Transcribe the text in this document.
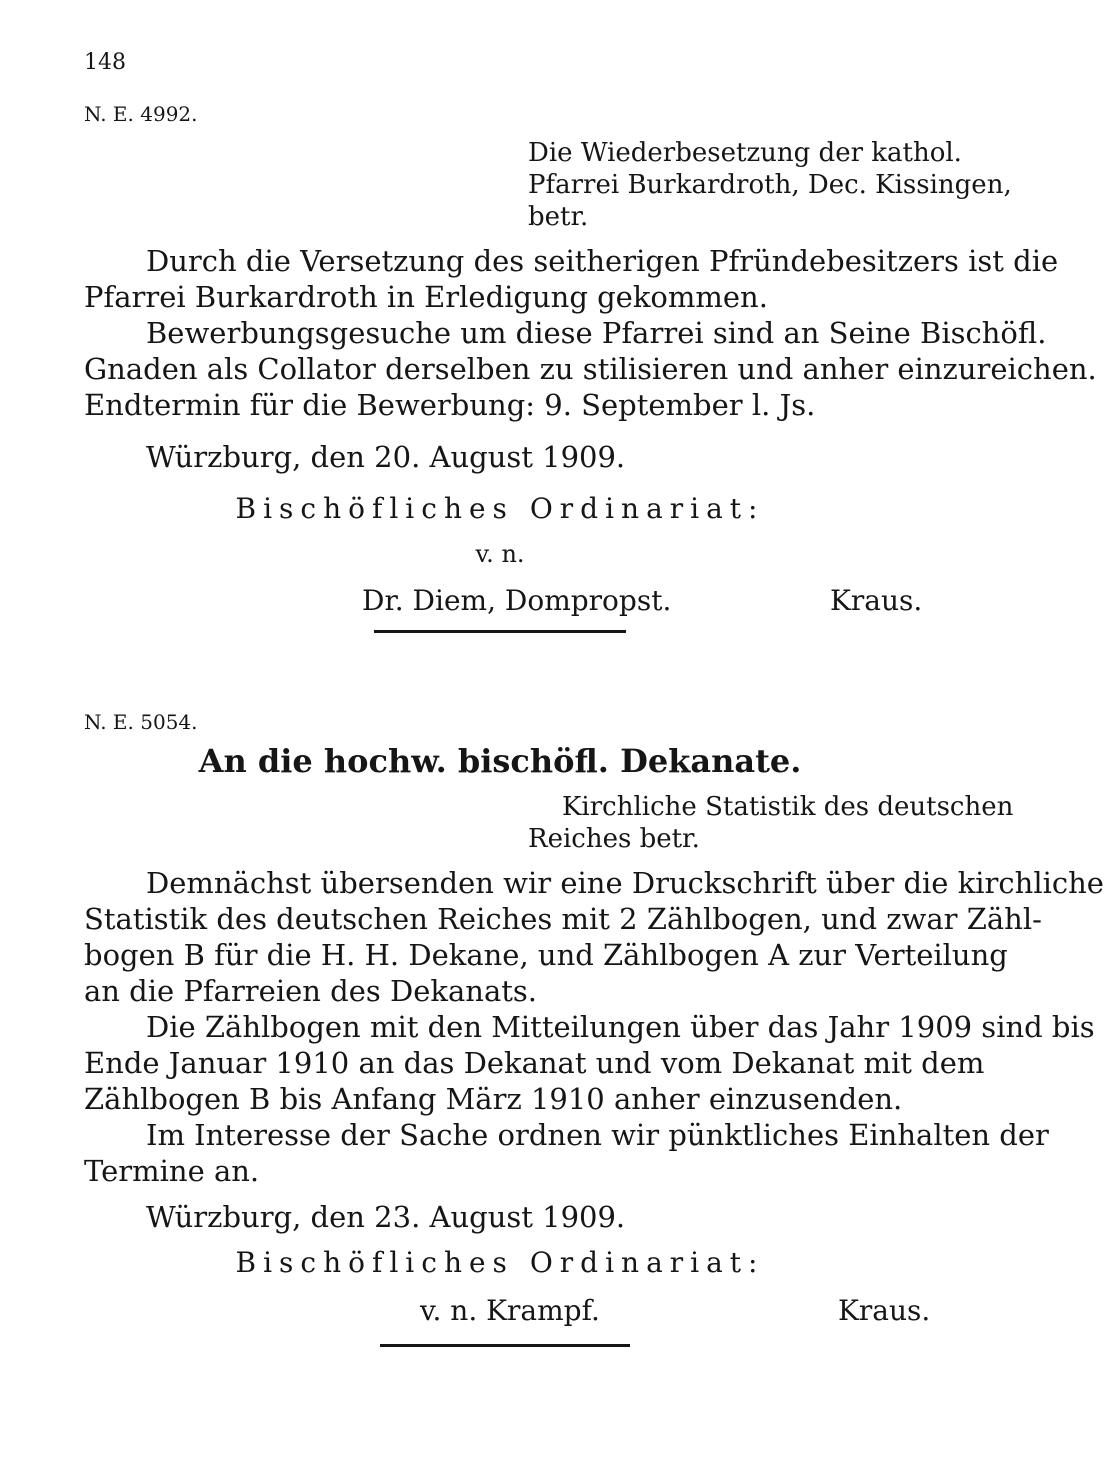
148
N. E. 4992.
Die Wiederbesetzung der kathol.
Pfarrei Burkardroth, Dec. Kissingen,
betr.
Durch die Versetzung des seitherigen Pfründebesitzers ist die
Pfarrei Burkardroth in Erledigung gekommen.
Bewerbungsgesuche um diese Pfarrei sind an Seine Bischöfl.
Gnaden als Collator derselben zu stilisieren und anher einzureichen.
Endtermin für die Bewerbung: 9. September l. Js.
Würzburg, den 20. August 1909.
Bischöfliches Ordinariat:
v. n.
Dr. Diem, Dompropst.	Kraus.
N. E. 5054.
An die hochw. bischöfl. Dekanate.
Kirchliche Statistik des deutschen
Reiches betr.
Demnächst übersenden wir eine Druckschrift über die kirchliche
Statistik des deutschen Reiches mit 2 Zählbogen, und zwar Zähl-
bogen B für die H. H. Dekane, und Zählbogen A zur Verteilung
an die Pfarreien des Dekanats.
Die Zählbogen mit den Mitteilungen über das Jahr 1909 sind bis
Ende Januar 1910 an das Dekanat und vom Dekanat mit dem
Zählbogen B bis Anfang März 1910 anher einzusenden.
Im Interesse der Sache ordnen wir pünktliches Einhalten der
Termine an.
Würzburg, den 23. August 1909.
Bischöfliches Ordinariat:
v. n. Krampf.	Kraus.
